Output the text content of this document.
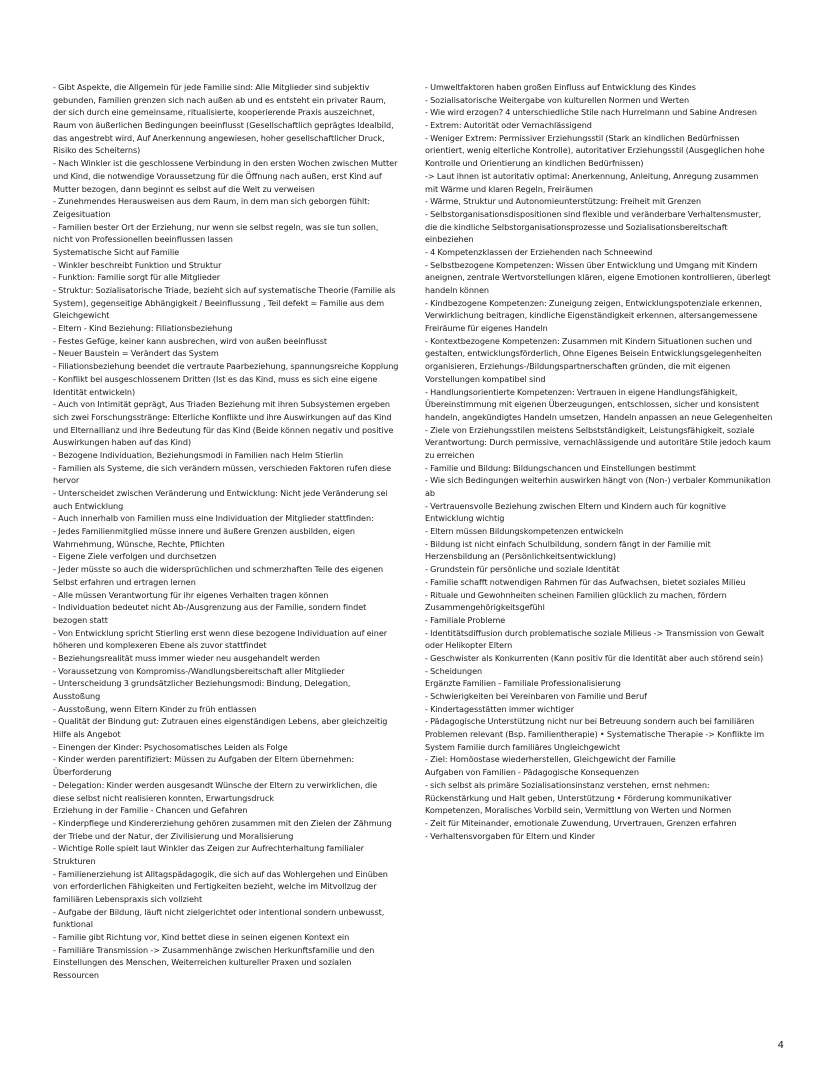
- Gibt Aspekte, die Allgemein für jede Familie sind: Alle Mitglieder sind subjektiv gebunden, Familien grenzen sich nach außen ab und es entsteht ein privater Raum, der sich durch eine gemeinsame, ritualisierte, kooperierende Praxis auszeichnet, Raum von äußerlichen Bedingungen beeinflusst (Gesellschaftlich geprägtes Idealbild, das angestrebt wird, Auf Anerkennung angewiesen, hoher gesellschaftlicher Druck, Risiko des Scheiterns)

- Nach Winkler ist die geschlossene Verbindung in den ersten Wochen zwischen Mutter und Kind, die notwendige Voraussetzung für die Öffnung nach außen, erst Kind auf Mutter bezogen, dann beginnt es selbst auf die Welt zu verweisen

- Zunehmendes Herausweisen aus dem Raum, in dem man sich geborgen fühlt: Zeigesituation

- Familien bester Ort der Erziehung, nur wenn sie selbst regeln, was sie tun sollen, nicht von Professionellen beeinflussen lassen

Systematische Sicht auf Familie

- Winkler beschreibt Funktion und Struktur

- Funktion: Familie sorgt für alle Mitglieder

- Struktur: Sozialisatorische Triade, bezieht sich auf systematische Theorie (Familie als System), gegenseitige Abhängigkeit / Beeinflussung , Teil defekt = Familie aus dem Gleichgewicht

- Eltern - Kind Beziehung: Filiationsbeziehung

- Festes Gefüge, keiner kann ausbrechen, wird von außen beeinflusst

- Neuer Baustein = Verändert das System

- Filiationsbeziehung beendet die vertraute Paarbeziehung, spannungsreiche Kopplung

- Konflikt bei ausgeschlossenem Dritten (Ist es das Kind, muss es sich eine eigene Identität entwickeln)

- Auch von Intimität geprägt, Aus Triaden Beziehung mit ihren Subsystemen ergeben sich zwei Forschungsstränge: Elterliche Konflikte und ihre Auswirkungen auf das Kind und Elternallianz und ihre Bedeutung für das Kind (Beide können negativ und positive Auswirkungen haben auf das Kind)

- Bezogene Individuation, Beziehungsmodi in Familien nach Helm Stierlin

- Familien als Systeme, die sich verändern müssen, verschieden Faktoren rufen diese hervor

- Unterscheidet zwischen Veränderung und Entwicklung: Nicht jede Veränderung sei auch Entwicklung

- Auch innerhalb von Familien muss eine Individuation der Mitglieder stattfinden:

- Jedes Familienmitglied müsse innere und äußere Grenzen ausbilden, eigen Wahrnehmung, Wünsche, Rechte, Pflichten

- Eigene Ziele verfolgen und durchsetzen

- Jeder müsste so auch die widersprüchlichen und schmerzhaften Teile des eigenen Selbst erfahren und ertragen lernen

- Alle müssen Verantwortung für ihr eigenes Verhalten tragen können

- Individuation bedeutet nicht Ab-/Ausgrenzung aus der Familie, sondern findet bezogen statt

- Von Entwicklung spricht Stierling erst wenn diese bezogene Individuation auf einer höheren und komplexeren Ebene als zuvor stattfindet

- Beziehungsrealität muss immer wieder neu ausgehandelt werden

- Voraussetzung von Kompromiss-/Wandlungsbereitschaft aller Mitglieder

- Unterscheidung 3 grundsätzlicher Beziehungsmodi: Bindung, Delegation, Ausstoßung

- Ausstoßung, wenn Eltern Kinder zu früh entlassen

- Qualität der Bindung gut: Zutrauen eines eigenständigen Lebens, aber gleichzeitig Hilfe als Angebot

- Einengen der Kinder: Psychosomatisches Leiden als Folge

- Kinder werden parentifiziert: Müssen zu Aufgaben der Eltern übernehmen: Überforderung

- Delegation: Kinder werden ausgesandt Wünsche der Eltern zu verwirklichen, die diese selbst nicht realisieren konnten, Erwartungsdruck

Erziehung in der Familie - Chancen und Gefahren

- Kinderpflege und Kindererziehung gehören zusammen mit den Zielen der Zähmung der Triebe und der Natur, der Zivilisierung und Moralisierung

- Wichtige Rolle spielt laut Winkler das Zeigen zur Aufrechterhaltung familialer Strukturen

- Familienerziehung ist Alltagspädagogik, die sich auf das Wohlergehen und Einüben von erforderlichen Fähigkeiten und Fertigkeiten bezieht, welche im Mitvollzug der familiären Lebenspraxis sich vollzieht

- Aufgabe der Bildung, läuft nicht zielgerichtet oder intentional sondern unbewusst, funktional

- Familie gibt Richtung vor, Kind bettet diese in seinen eigenen Kontext ein

- Familiäre Transmission -> Zusammenhänge zwischen Herkunftsfamilie und den Einstellungen des Menschen, Weiterreichen kultureller Praxen und sozialen Ressourcen

- Umweltfaktoren haben großen Einfluss auf Entwicklung des Kindes

- Sozialisatorische Weitergabe von kulturellen Normen und Werten

- Wie wird erzogen? 4 unterschiedliche Stile nach Hurrelmann und Sabine Andresen

- Extrem: Autorität oder Vernachlässigend

- Weniger Extrem: Permissiver Erziehungsstil (Stark an kindlichen Bedürfnissen orientiert, wenig elterliche Kontrolle), autoritativer Erziehungsstil (Ausgeglichen hohe Kontrolle und Orientierung an kindlichen Bedürfnissen)

-> Laut ihnen ist autoritativ optimal: Anerkennung, Anleitung, Anregung zusammen mit Wärme und klaren Regeln, Freiräumen

- Wärme, Struktur und Autonomieunterstützung: Freiheit mit Grenzen

- Selbstorganisationsdispositionen sind flexible und veränderbare Verhaltensmuster, die die kindliche Selbstorganisationsprozesse und Sozialisationsbereitschaft einbeziehen

- 4 Kompetenzklassen der Erziehenden nach Schneewind

- Selbstbezogene Kompetenzen: Wissen über Entwicklung und Umgang mit Kindern aneignen, zentrale Wertvorstellungen klären, eigene Emotionen kontrollieren, überlegt handeln können

- Kindbezogene Kompetenzen: Zuneigung zeigen, Entwicklungspotenziale erkennen, Verwirklichung beitragen, kindliche Eigenständigkeit erkennen, altersangemessene Freiräume für eigenes Handeln

- Kontextbezogene Kompetenzen: Zusammen mit Kindern Situationen suchen und gestalten, entwicklungsförderlich, Ohne Eigenes Beisein Entwicklungsgelegenheiten organisieren, Erziehungs-/Bildungspartnerschaften gründen, die mit eigenen Vorstellungen kompatibel sind

- Handlungsorientierte Kompetenzen: Vertrauen in eigene Handlungsfähigkeit, Übereinstimmung mit eigenen Überzeugungen, entschlossen, sicher und konsistent handeln, angekündigtes Handeln umsetzen, Handeln anpassen an neue Gelegenheiten

- Ziele von Erziehungsstilen meistens Selbstständigkeit, Leistungsfähigkeit, soziale Verantwortung: Durch permissive, vernachlässigende und autoritäre Stile jedoch kaum zu erreichen

- Familie und Bildung: Bildungschancen und Einstellungen bestimmt

- Wie sich Bedingungen weiterhin auswirken hängt von (Non-) verbaler Kommunikation ab

- Vertrauensvolle Beziehung zwischen Eltern und Kindern auch für kognitive Entwicklung wichtig

- Eltern müssen Bildungskompetenzen entwickeln

- Bildung ist nicht einfach Schulbildung, sondern fängt in der Familie mit Herzensbildung an (Persönlichkeitsentwicklung)

- Grundstein für persönliche und soziale Identität

- Familie schafft notwendigen Rahmen für das Aufwachsen, bietet soziales Milieu

- Rituale und Gewohnheiten scheinen Familien glücklich zu machen, fördern Zusammengehörigkeitsgefühl

- Familiale Probleme

- Identitätsdiffusion durch problematische soziale Milieus -> Transmission von Gewalt oder Helikopter Eltern

- Geschwister als Konkurrenten (Kann positiv für die Identität aber auch störend sein)

- Scheidungen

Ergänzte Familien - Familiale Professionalisierung

- Schwierigkeiten bei Vereinbaren von Familie und Beruf

- Kindertagesstätten immer wichtiger

- Pädagogische Unterstützung nicht nur bei Betreuung sondern auch bei familiären Problemen relevant (Bsp. Familientherapie) • Systematische Therapie -> Konflikte im System Familie durch familiäres Ungleichgewicht

- Ziel: Homöostase wiederherstellen, Gleichgewicht der Familie

Aufgaben von Familien - Pädagogische Konsequenzen

- sich selbst als primäre Sozialisationsinstanz verstehen, ernst nehmen: Rückenstärkung und Halt geben, Unterstützung • Förderung kommunikativer Kompetenzen, Moralisches Vorbild sein, Vermittlung von Werten und Normen

- Zeit für Miteinander, emotionale Zuwendung, Urvertrauen, Grenzen erfahren

- Verhaltensvorgaben für Eltern und Kinder

4
